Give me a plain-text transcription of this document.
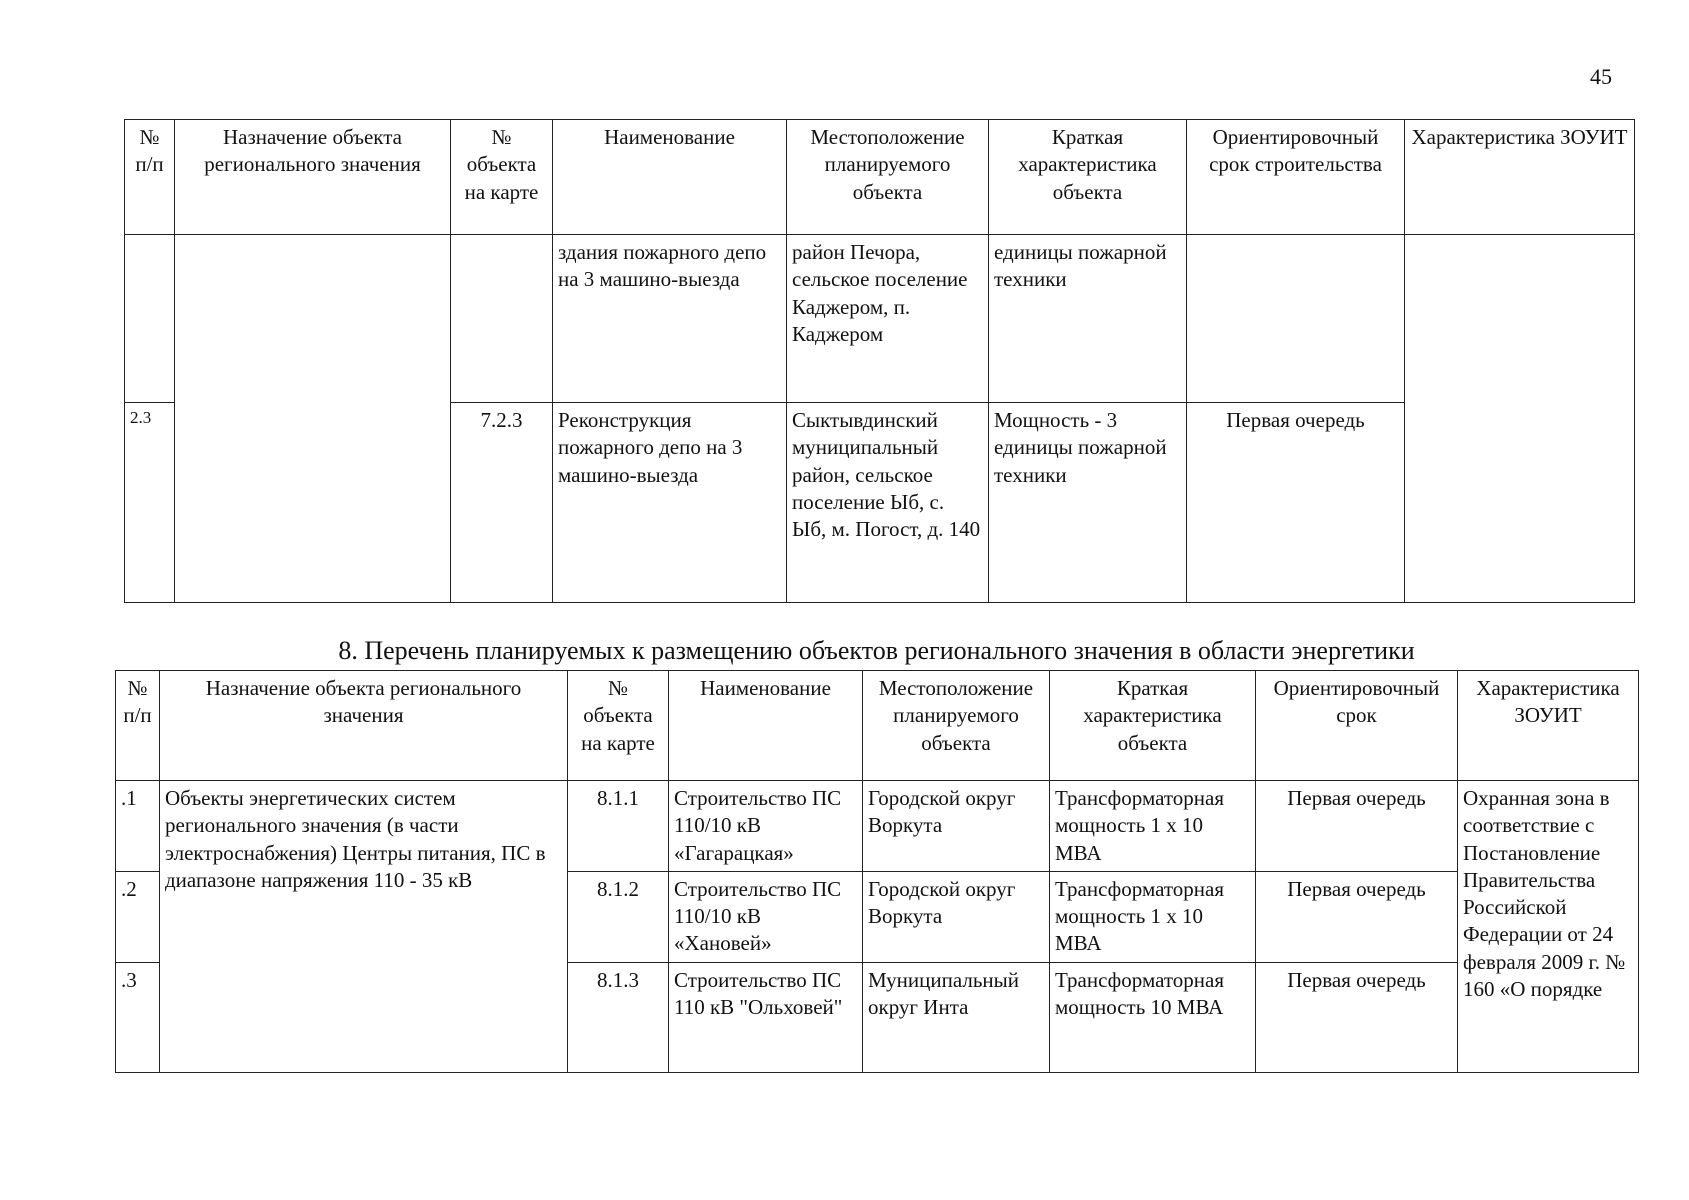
45
№ п/п	Назначение объекта регионального значения	№ объекта на карте	Наименование	Местоположение планируемого объекта	Краткая характеристика объекта	Ориентировочный срок строительства	Характеристика ЗОУИТ
			здания пожарного депо на 3 машино-выезда	район Печора, сельское поселение Каджером, п. Каджером	единицы пожарной техники		
2.3		7.2.3	Реконструкция пожарного депо на 3 машино-выезда	Сыктывдинский муниципальный район, сельское поселение Ыб, с. Ыб, м. Погост, д. 140	Мощность - 3 единицы пожарной техники	Первая очередь	
8. Перечень планируемых к размещению объектов регионального значения в области энергетики
№ п/п	Назначение объекта регионального значения	№ объекта на карте	Наименование	Местоположение планируемого объекта	Краткая характеристика объекта	Ориентировочный срок	Характеристика ЗОУИТ
.1	Объекты энергетических систем регионального значения (в части электроснабжения) Центры питания, ПС в диапазоне напряжения 110 - 35 кВ	8.1.1	Строительство ПС 110/10 кВ «Гагарацкая»	Городской округ Воркута	Трансформаторная мощность 1 х 10 МВА	Первая очередь	Охранная зона в соответствие с Постановление Правительства Российской Федерации от 24 февраля 2009 г. № 160 «О порядке
.2		8.1.2	Строительство ПС 110/10 кВ «Хановей»	Городской округ Воркута	Трансформаторная мощность 1 х 10 МВА	Первая очередь	
.3		8.1.3	Строительство ПС 110 кВ "Ольховей"	Муниципальный округ Инта	Трансформаторная мощность 10 МВА	Первая очередь	
